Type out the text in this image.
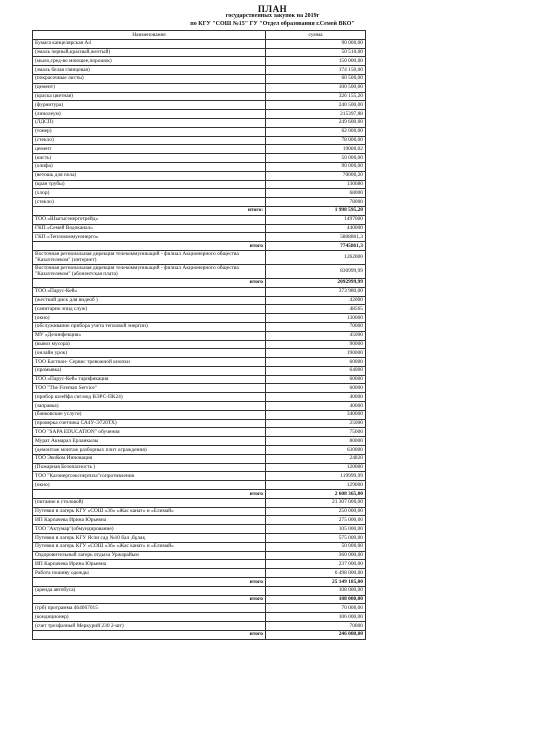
ПЛАН
государственных закупок на 2019г
по КГУ "СОШ №15" ГУ "Отдел образования г.Семей ВКО"
Наименование	сумма
Бумага канцелярская А4	90 000,00
(эмаль черный,красный,желтый)	50 510,00
(мыло,сред-во моющее,порошок)	150 000,00
(эмаль белая глянцевая)	174 150,00
(покрасочные листы)	60 500,00
(цемент)	100 500,00
(краска цветная)	326 155,20
(фурнитура)	240 500,00
(линолеум)	215397,88
(ЛДСП)	249 600,00
(тонер)	62 000,00
(стекло)	78 000,00
цемент	19000,02
(кисть)	50 000,00
(олифа)	90 000,00
(ветошь для пола)	70000,20
(кран трубы)	130680
(хлор)	68000
(стекло)	78000
итого:	1 998 595,20
ТОО «Шыгысэнерготрейд»	1497000
ГКП «Семей Водоканал»	440000
ГКП «Теплокоммунэнерго»	5808861,3
итого	7745861,3
Восточная региональная дирекция телекоммуникаций - филиал Акционерного общества "Казахтелеком" (интернет)	1262000
Восточная региональная дирекция телекоммуникаций - филиал Акционерного общества "Казахтелеком" (абонентская плата)	830999,99
итого	2092999,99
ТОО «Парус-Кей»	373 980,00
(жесткий диск для видеоб )	42000
(санитарно эпид служ)	48565
(окно)	130000
(обслуживание прибора учета тепловой энергии)	70000
МУ «Дезинфекция»	45000
(вывоз мусора)	90000
(онлайн урок)	190000
ТОО Бастион- Сервис тревожной кнопки	60000
(промывка)	64000
ТОО «Парус-Кей» тарификация	60000
ТОО "The Fireman Service"	60000
(прибор шлейфа сиг.мод ВЭРС-ПК24)	40000
(заправка)	40000
(банковские услуги)	340000
(проверка счетчика СА4У-Э720ТХ)	25000
ТОО "SAPA EDUCATION" обучения	75000
Мурат Акмарал Ерланкызы	80000
(демонтаж монтаж разборных плит ограждения)	630000
ТОО ЭкоКом Инновация	24820
(Пожарная Безопасность )	120000
ТОО "Казэнергоэкспертиза"сопротивления	119999,99
(окно)	129000
итого	2 608 365,00
(питание в столовой)	21 307 000,00
Путевки в лагерь КГУ «СОШ «36» «Жас канат» и «Елимай»	250 000,00
ИП Карпачева Ирина Юрьевна	275 000,00
ТОО "Актумар"(обмундирование)	105 000,00
Путевки в лагерь КГУ Ясли сад №10 бал ,бұлақ	575 000,00
Путевки в лагерь КГУ «СОШ «36» «Жас канат» и «Елимай»	50 000,00
Оздоровительный лагерь отдыха Уржарайым	360 000,00
ИП Карпачева Ирина Юрьевна	237 000,00
Работа пошиву одежды	6 498 000,00
итого	25 149 185,00
(аренда автобуса)	108 000,00
итого	108 000,00
(грб) программа 464067015	70 000,00
(кондиционер)	106 000,00
(счет трехфазный Меркурий 230 2-шт)	70000
итого	246 000,00
